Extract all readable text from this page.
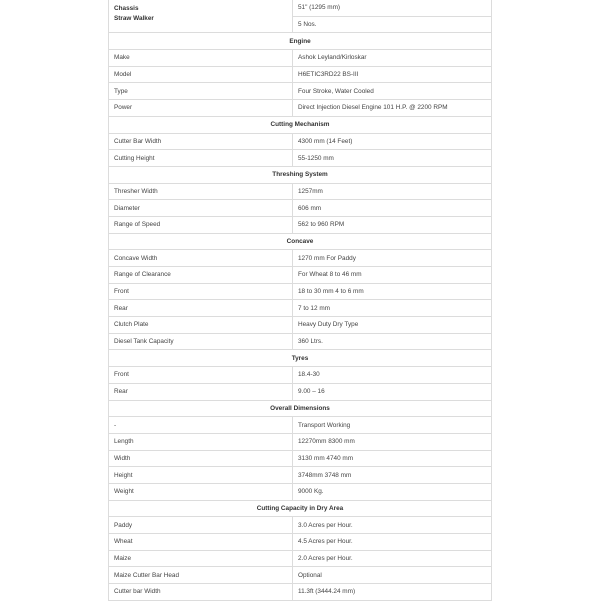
Chassis
Straw Walker	51" (1295 mm)
	5 Nos.
Engine	
Make	Ashok Leyland/Kirloskar
Model	H6ETIC3RD22 BS-III
Type	Four Stroke, Water Cooled
Power	Direct Injection Diesel Engine 101 H.P. @ 2200 RPM
Cutting Mechanism	
Cutter Bar Width	4300 mm (14 Feet)
Cutting Height	55-1250 mm
Threshing System	
Thresher Width	1257mm
Diameter	606 mm
Range of Speed	562 to 960 RPM
Concave	
Concave Width	1270 mm For Paddy
Range of Clearance	For Wheat 8 to 46 mm
Front	18 to 30 mm 4 to 6 mm
Rear	7 to 12 mm
Clutch Plate	Heavy Duty Dry Type
Diesel Tank Capacity	360 Ltrs.
Tyres	
Front	18.4-30
Rear	9.00 – 16
Overall Dimensions	
-	Transport Working
Length	12270mm 8300 mm
Width	3130 mm 4740 mm
Height	3748mm 3748 mm
Weight	9000 Kg.
Cutting Capacity in Dry Area	
Paddy	3.0 Acres per Hour.
Wheat	4.5 Acres per Hour.
Maize	2.0 Acres per Hour.
Maize Cutter Bar Head	Optional
Cutter bar Width	11.3ft (3444.24 mm)
